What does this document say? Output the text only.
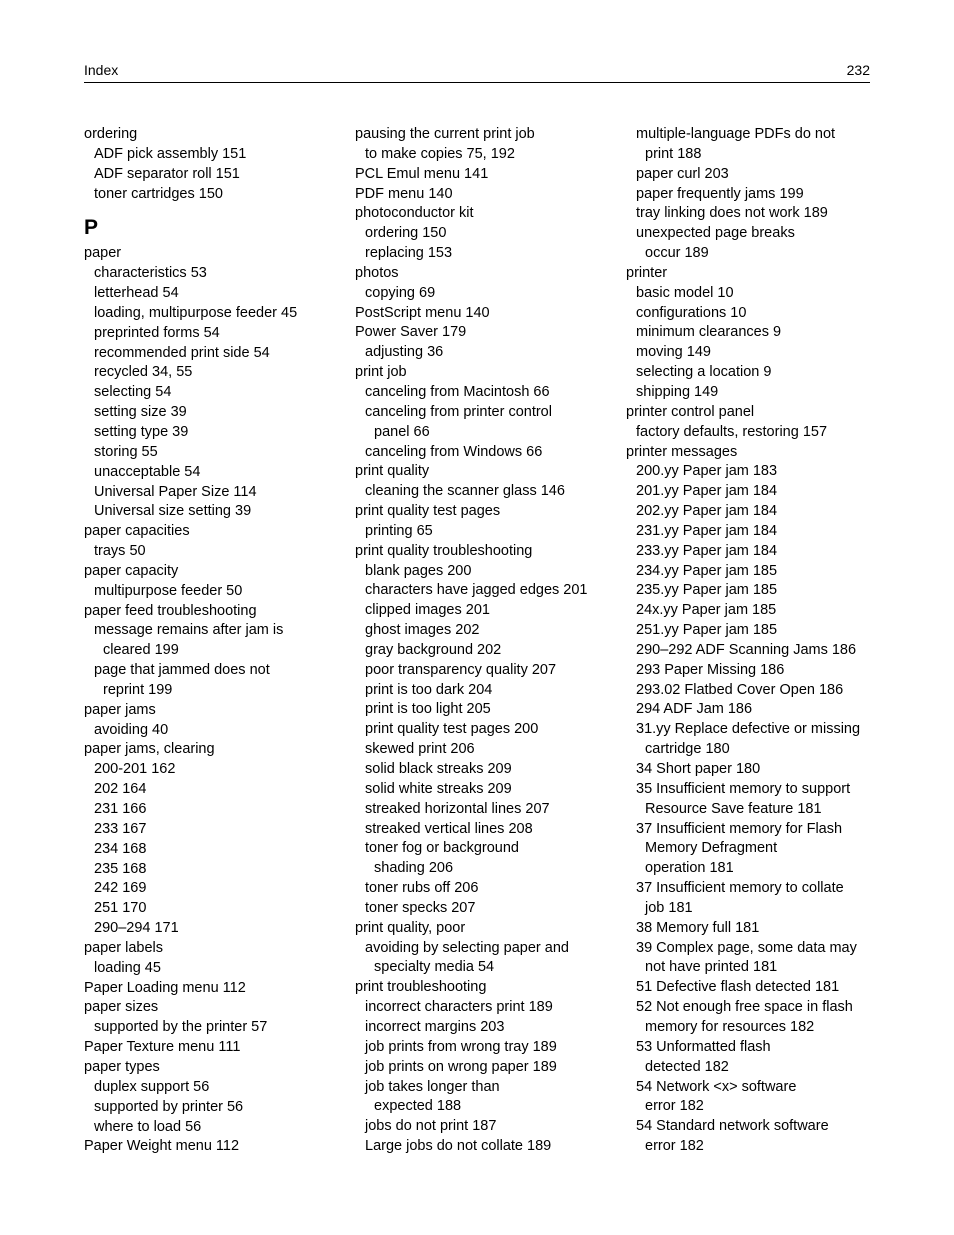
Index	232
ordering
ADF pick assembly 151
ADF separator roll 151
toner cartridges 150
P
paper
characteristics 53
letterhead 54
loading, multipurpose feeder 45
preprinted forms 54
recommended print side 54
recycled 34, 55
selecting 54
setting size 39
setting type 39
storing 55
unacceptable 54
Universal Paper Size 114
Universal size setting 39
paper capacities
trays 50
paper capacity
multipurpose feeder 50
paper feed troubleshooting
message remains after jam is
cleared 199
page that jammed does not
reprint 199
paper jams
avoiding 40
paper jams, clearing
200-201 162
202 164
231 166
233 167
234 168
235 168
242 169
251 170
290–294 171
paper labels
loading 45
Paper Loading menu 112
paper sizes
supported by the printer 57
Paper Texture menu 111
paper types
duplex support 56
supported by printer 56
where to load 56
Paper Weight menu 112
pausing the current print job
to make copies 75, 192
PCL Emul menu 141
PDF menu 140
photoconductor kit
ordering 150
replacing 153
photos
copying 69
PostScript menu 140
Power Saver 179
adjusting 36
print job
canceling from Macintosh 66
canceling from printer control
panel 66
canceling from Windows 66
print quality
cleaning the scanner glass 146
print quality test pages
printing 65
print quality troubleshooting
blank pages 200
characters have jagged edges 201
clipped images 201
ghost images 202
gray background 202
poor transparency quality 207
print is too dark 204
print is too light 205
print quality test pages 200
skewed print 206
solid black streaks 209
solid white streaks 209
streaked horizontal lines 207
streaked vertical lines 208
toner fog or background
shading 206
toner rubs off 206
toner specks 207
print quality, poor
avoiding by selecting paper and
specialty media 54
print troubleshooting
incorrect characters print 189
incorrect margins 203
job prints from wrong tray 189
job prints on wrong paper 189
job takes longer than
expected 188
jobs do not print 187
Large jobs do not collate 189
multiple-language PDFs do not
print 188
paper curl 203
paper frequently jams 199
tray linking does not work 189
unexpected page breaks
occur 189
printer
basic model 10
configurations 10
minimum clearances 9
moving 149
selecting a location 9
shipping 149
printer control panel
factory defaults, restoring 157
printer messages
200.yy Paper jam 183
201.yy Paper jam 184
202.yy Paper jam 184
231.yy Paper jam 184
233.yy Paper jam 184
234.yy Paper jam 185
235.yy Paper jam 185
24x.yy Paper jam 185
251.yy Paper jam 185
290–292 ADF Scanning Jams 186
293 Paper Missing 186
293.02 Flatbed Cover Open 186
294 ADF Jam 186
31.yy Replace defective or missing
cartridge 180
34 Short paper 180
35 Insufficient memory to support
Resource Save feature 181
37 Insufficient memory for Flash
Memory Defragment
operation 181
37 Insufficient memory to collate
job 181
38 Memory full 181
39 Complex page, some data may
not have printed 181
51 Defective flash detected 181
52 Not enough free space in flash
memory for resources 182
53 Unformatted flash
detected 182
54 Network <x> software
error 182
54 Standard network software
error 182
